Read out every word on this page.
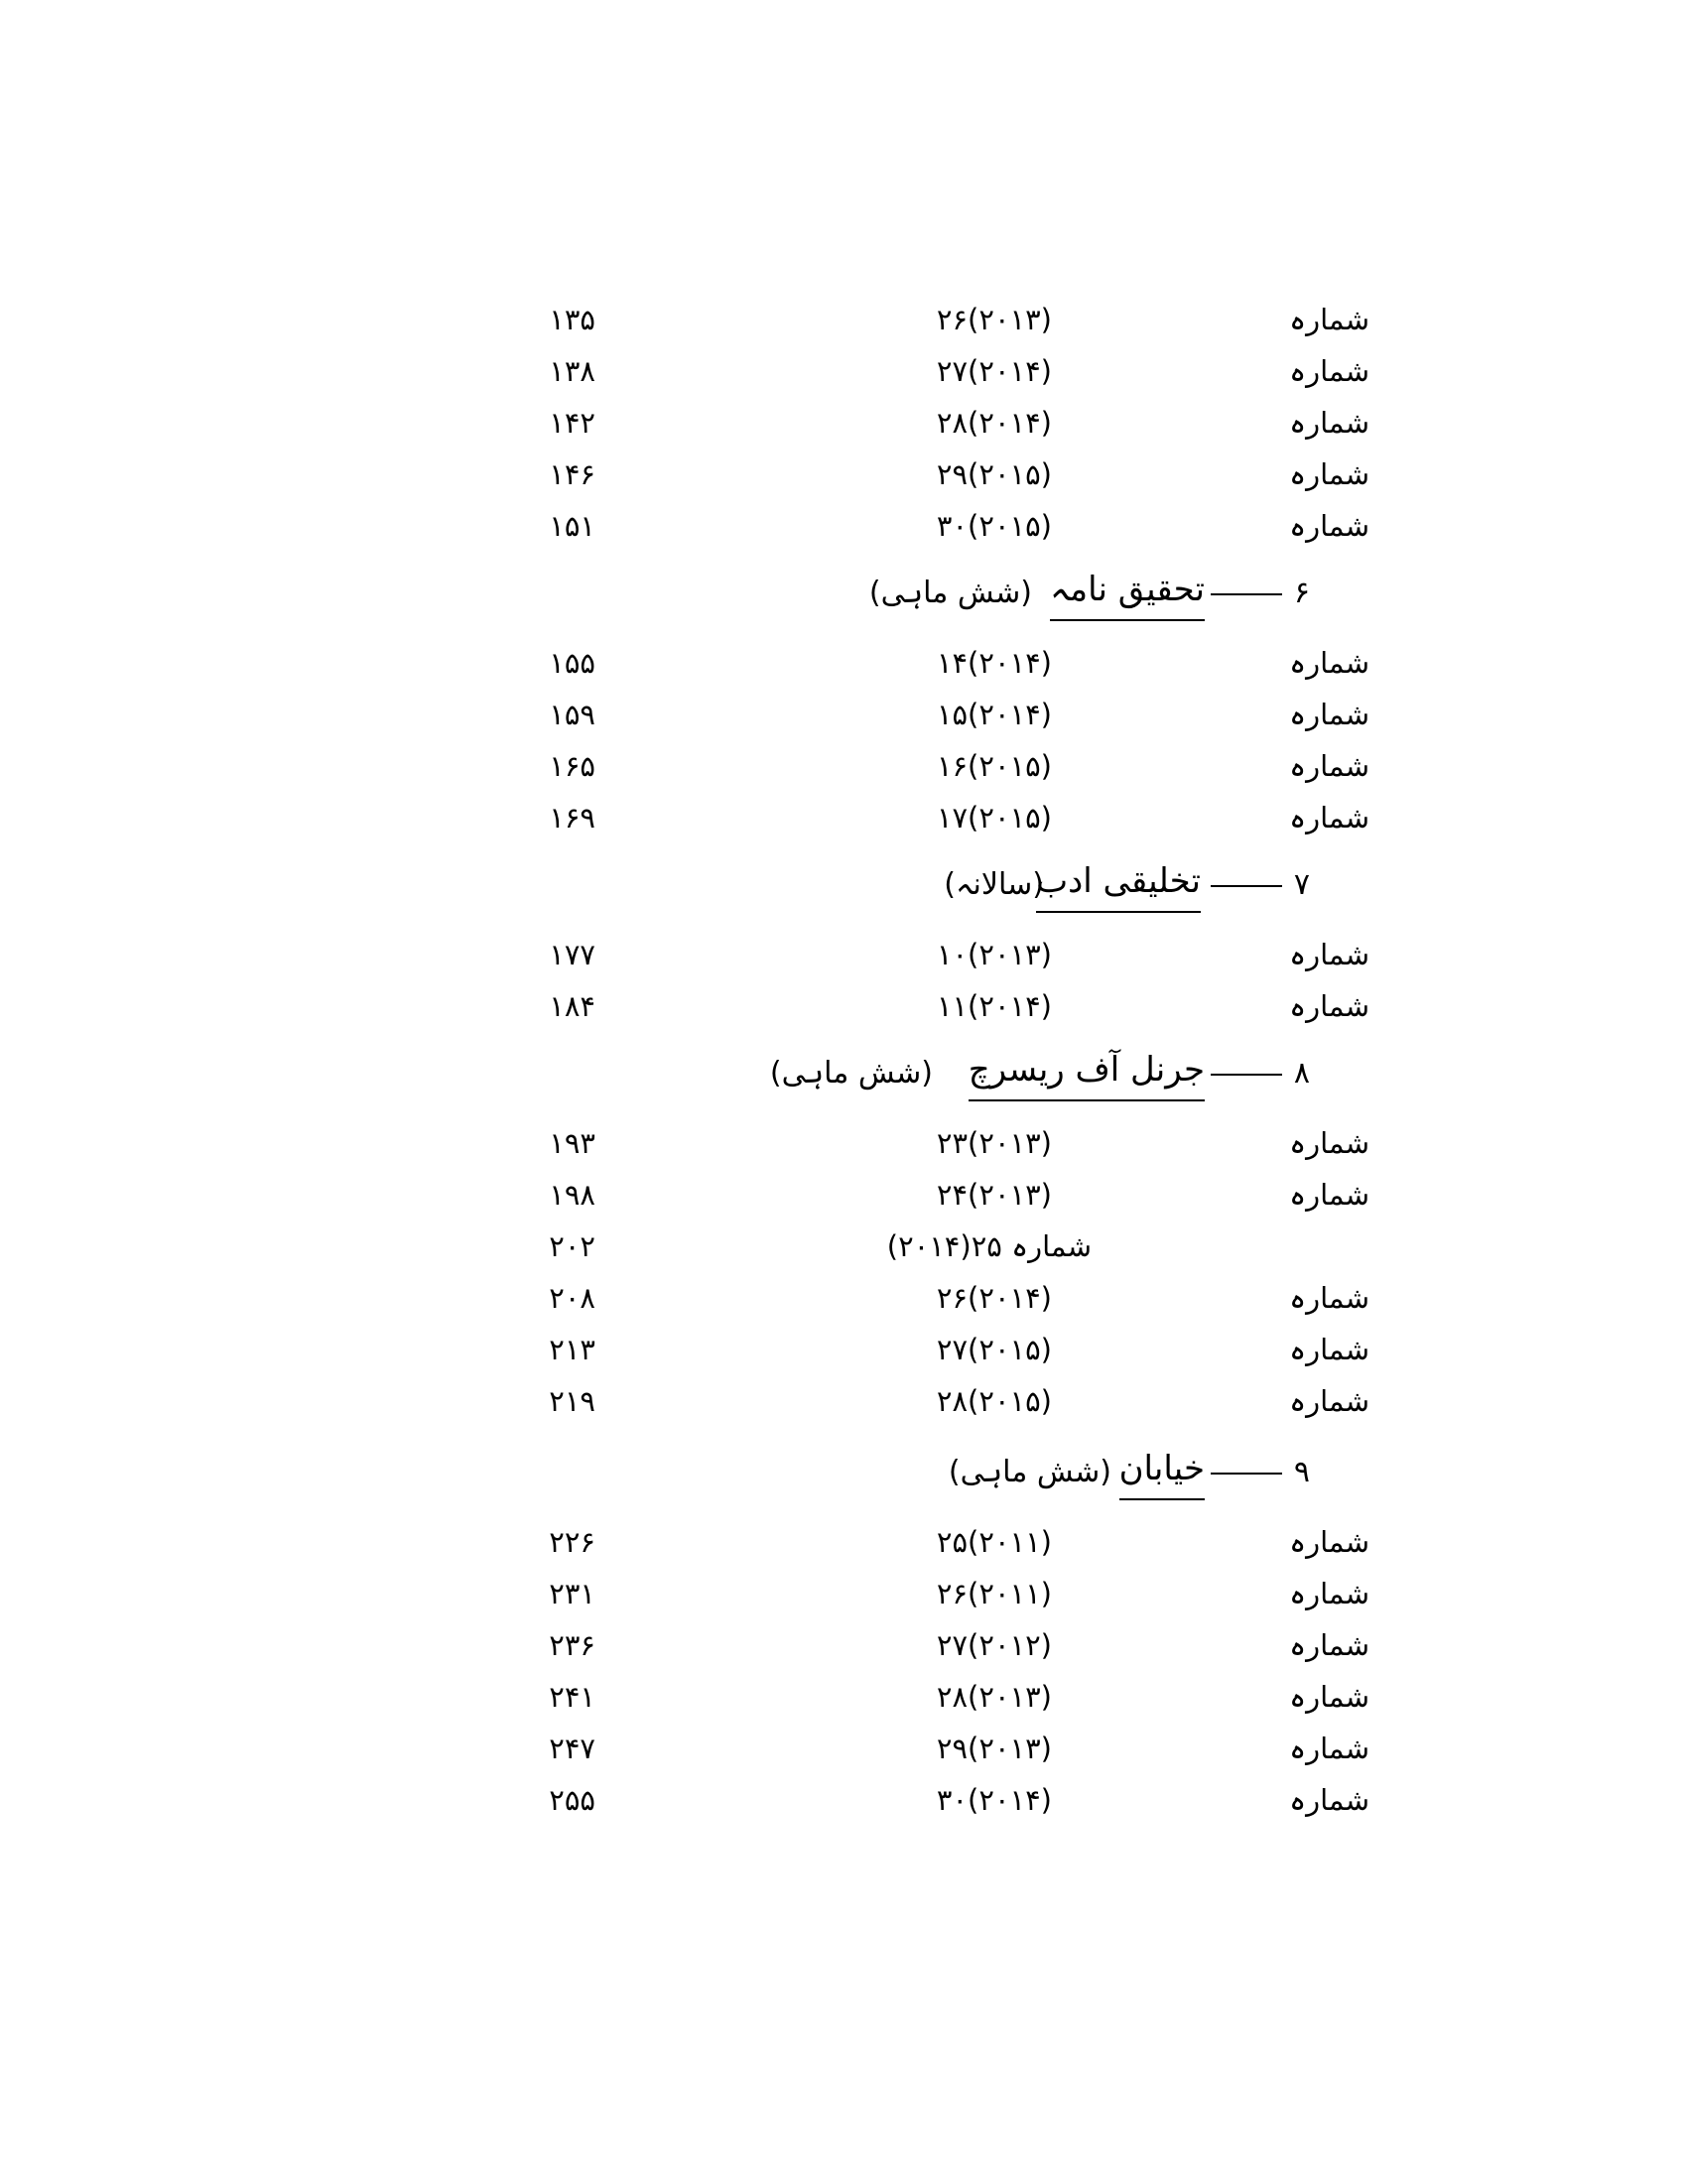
شمارہ
۲۶(۲۰۱۳)
۱۳۵
شمارہ
۲۷(۲۰۱۴)
۱۳۸
شمارہ
۲۸(۲۰۱۴)
۱۴۲
شمارہ
۲۹(۲۰۱۵)
۱۴۶
شمارہ
۳۰(۲۰۱۵)
۱۵۱
۶
تحقیق نامہ
(شش ماہی)
شمارہ
۱۴(۲۰۱۴)
۱۵۵
شمارہ
۱۵(۲۰۱۴)
۱۵۹
شمارہ
۱۶(۲۰۱۵)
۱۶۵
شمارہ
۱۷(۲۰۱۵)
۱۶۹
۷
تخلیقی ادب
(سالانہ)
شمارہ
۱۰(۲۰۱۳)
۱۷۷
شمارہ
۱۱(۲۰۱۴)
۱۸۴
۸
جرنل آف ریسرچ
(شش ماہی)
شمارہ
۲۳(۲۰۱۳)
۱۹۳
شمارہ
۲۴(۲۰۱۳)
۱۹۸
شمارہ ۲۵(۲۰۱۴)
۲۰۲
شمارہ
۲۶(۲۰۱۴)
۲۰۸
شمارہ
۲۷(۲۰۱۵)
۲۱۳
شمارہ
۲۸(۲۰۱۵)
۲۱۹
۹
خیابان
(شش ماہی)
شمارہ
۲۵(۲۰۱۱)
۲۲۶
شمارہ
۲۶(۲۰۱۱)
۲۳۱
شمارہ
۲۷(۲۰۱۲)
۲۳۶
شمارہ
۲۸(۲۰۱۳)
۲۴۱
شمارہ
۲۹(۲۰۱۳)
۲۴۷
شمارہ
۳۰(۲۰۱۴)
۲۵۵
